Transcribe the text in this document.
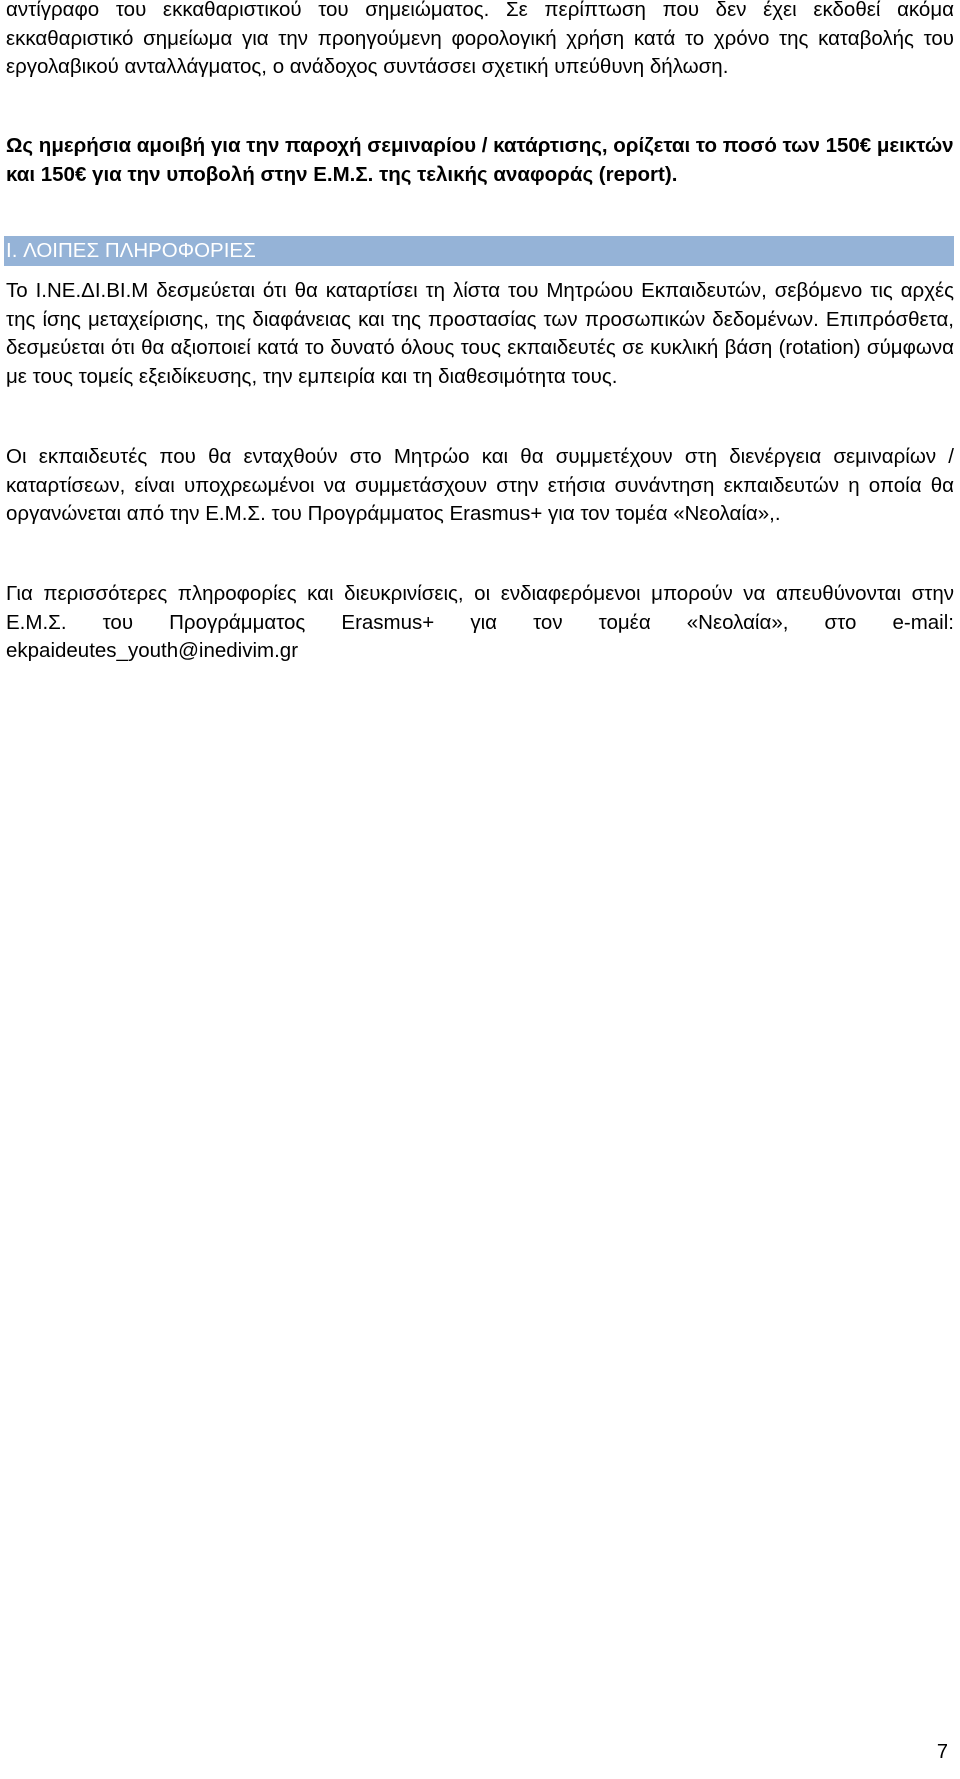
αντίγραφο του εκκαθαριστικού του σημειώματος. Σε περίπτωση που δεν έχει εκδοθεί ακόμα εκκαθαριστικό σημείωμα για την προηγούμενη φορολογική χρήση κατά το χρόνο της καταβολής του εργολαβικού ανταλλάγματος, ο ανάδοχος συντάσσει σχετική υπεύθυνη δήλωση.

Ως ημερήσια αμοιβή για την παροχή σεμιναρίου / κατάρτισης, ορίζεται το ποσό των 150€ μεικτών και 150€ για την υποβολή στην Ε.Μ.Σ. της τελικής αναφοράς (report).

I. ΛΟΙΠΕΣ ΠΛΗΡΟΦΟΡΙΕΣ

Το Ι.ΝΕ.ΔΙ.ΒΙ.Μ δεσμεύεται ότι θα καταρτίσει τη λίστα του Μητρώου Εκπαιδευτών, σεβόμενο τις αρχές της ίσης μεταχείρισης, της διαφάνειας και της προστασίας των προσωπικών δεδομένων. Επιπρόσθετα, δεσμεύεται ότι θα αξιοποιεί κατά το δυνατό όλους τους εκπαιδευτές σε κυκλική βάση (rotation) σύμφωνα με τους τομείς εξειδίκευσης, την εμπειρία και τη διαθεσιμότητα τους.

Οι εκπαιδευτές που θα ενταχθούν στο Μητρώο και θα συμμετέχουν στη διενέργεια σεμιναρίων / καταρτίσεων, είναι υποχρεωμένοι να συμμετάσχουν στην ετήσια συνάντηση εκπαιδευτών η οποία θα οργανώνεται από την Ε.Μ.Σ. του Προγράμματος Erasmus+ για τον τομέα «Νεολαία»,.

Για περισσότερες πληροφορίες και διευκρινίσεις, οι ενδιαφερόμενοι μπορούν να απευθύνονται στην Ε.Μ.Σ. του Προγράμματος Erasmus+ για τον τομέα «Νεολαία», στο e-mail: ekpaideutes_youth@inedivim.gr

7
